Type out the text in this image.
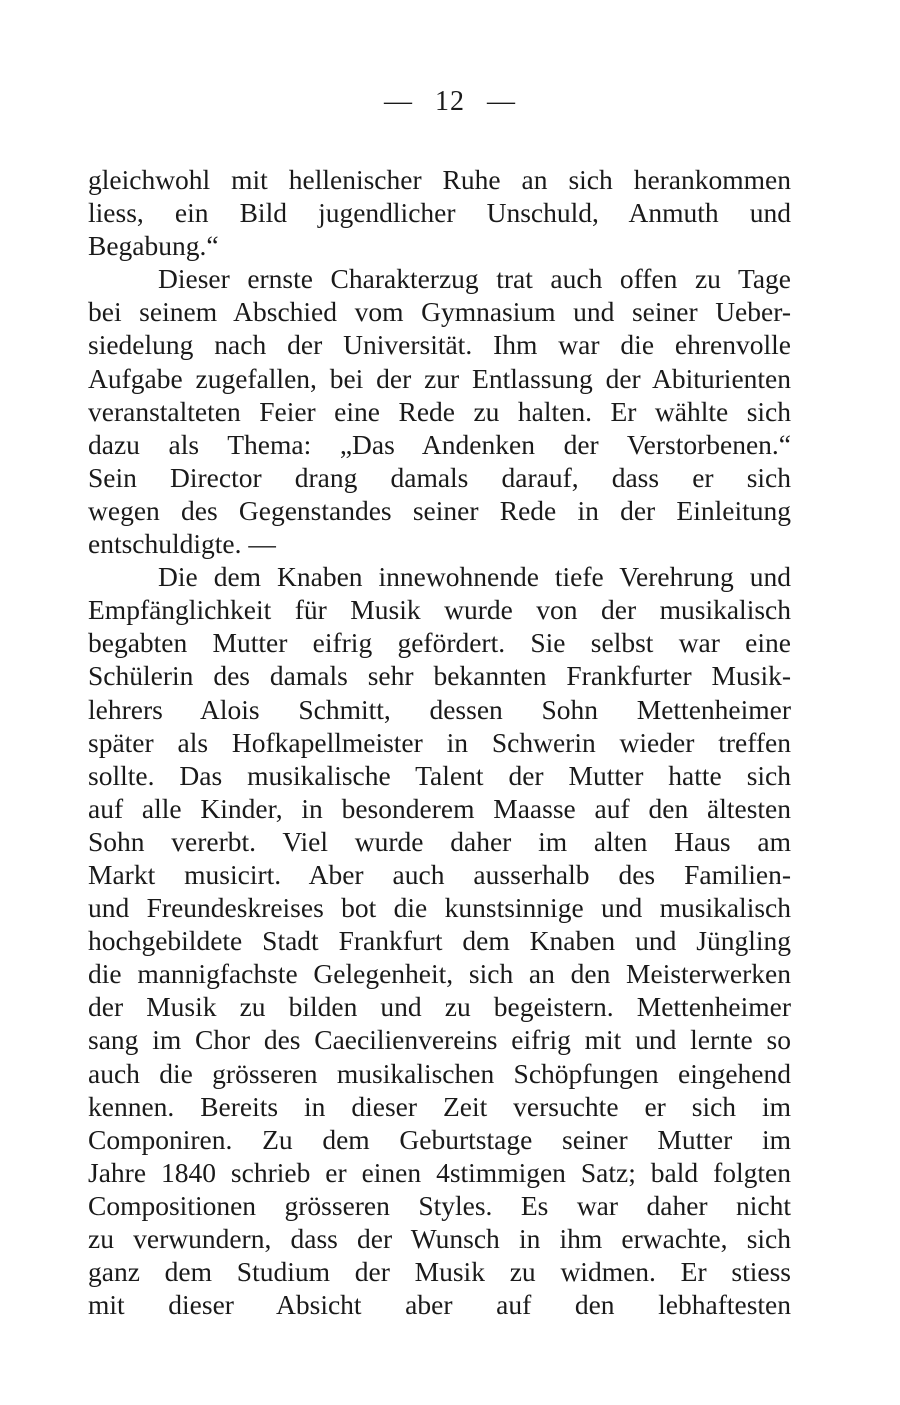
— 12 —
gleichwohl mit hellenischer Ruhe an sich herankommen
liess, ein Bild jugendlicher Unschuld, Anmuth und
Begabung.“
Dieser ernste Charakterzug trat auch offen zu Tage
bei seinem Abschied vom Gymnasium und seiner Ueber-
siedelung nach der Universität. Ihm war die ehrenvolle
Aufgabe zugefallen, bei der zur Entlassung der Abiturienten
veranstalteten Feier eine Rede zu halten. Er wählte sich
dazu als Thema: „Das Andenken der Verstorbenen.“
Sein Director drang damals darauf, dass er sich
wegen des Gegenstandes seiner Rede in der Einleitung
entschuldigte. —
Die dem Knaben innewohnende tiefe Verehrung und
Empfänglichkeit für Musik wurde von der musikalisch
begabten Mutter eifrig gefördert. Sie selbst war eine
Schülerin des damals sehr bekannten Frankfurter Musik-
lehrers Alois Schmitt, dessen Sohn Mettenheimer
später als Hofkapellmeister in Schwerin wieder treffen
sollte. Das musikalische Talent der Mutter hatte sich
auf alle Kinder, in besonderem Maasse auf den ältesten
Sohn vererbt. Viel wurde daher im alten Haus am
Markt musicirt. Aber auch ausserhalb des Familien-
und Freundeskreises bot die kunstsinnige und musikalisch
hochgebildete Stadt Frankfurt dem Knaben und Jüngling
die mannigfachste Gelegenheit, sich an den Meisterwerken
der Musik zu bilden und zu begeistern. Mettenheimer
sang im Chor des Caecilienvereins eifrig mit und lernte so
auch die grösseren musikalischen Schöpfungen eingehend
kennen. Bereits in dieser Zeit versuchte er sich im
Componiren. Zu dem Geburtstage seiner Mutter im
Jahre 1840 schrieb er einen 4stimmigen Satz; bald folgten
Compositionen grösseren Styles. Es war daher nicht
zu verwundern, dass der Wunsch in ihm erwachte, sich
ganz dem Studium der Musik zu widmen. Er stiess
mit dieser Absicht aber auf den lebhaftesten
